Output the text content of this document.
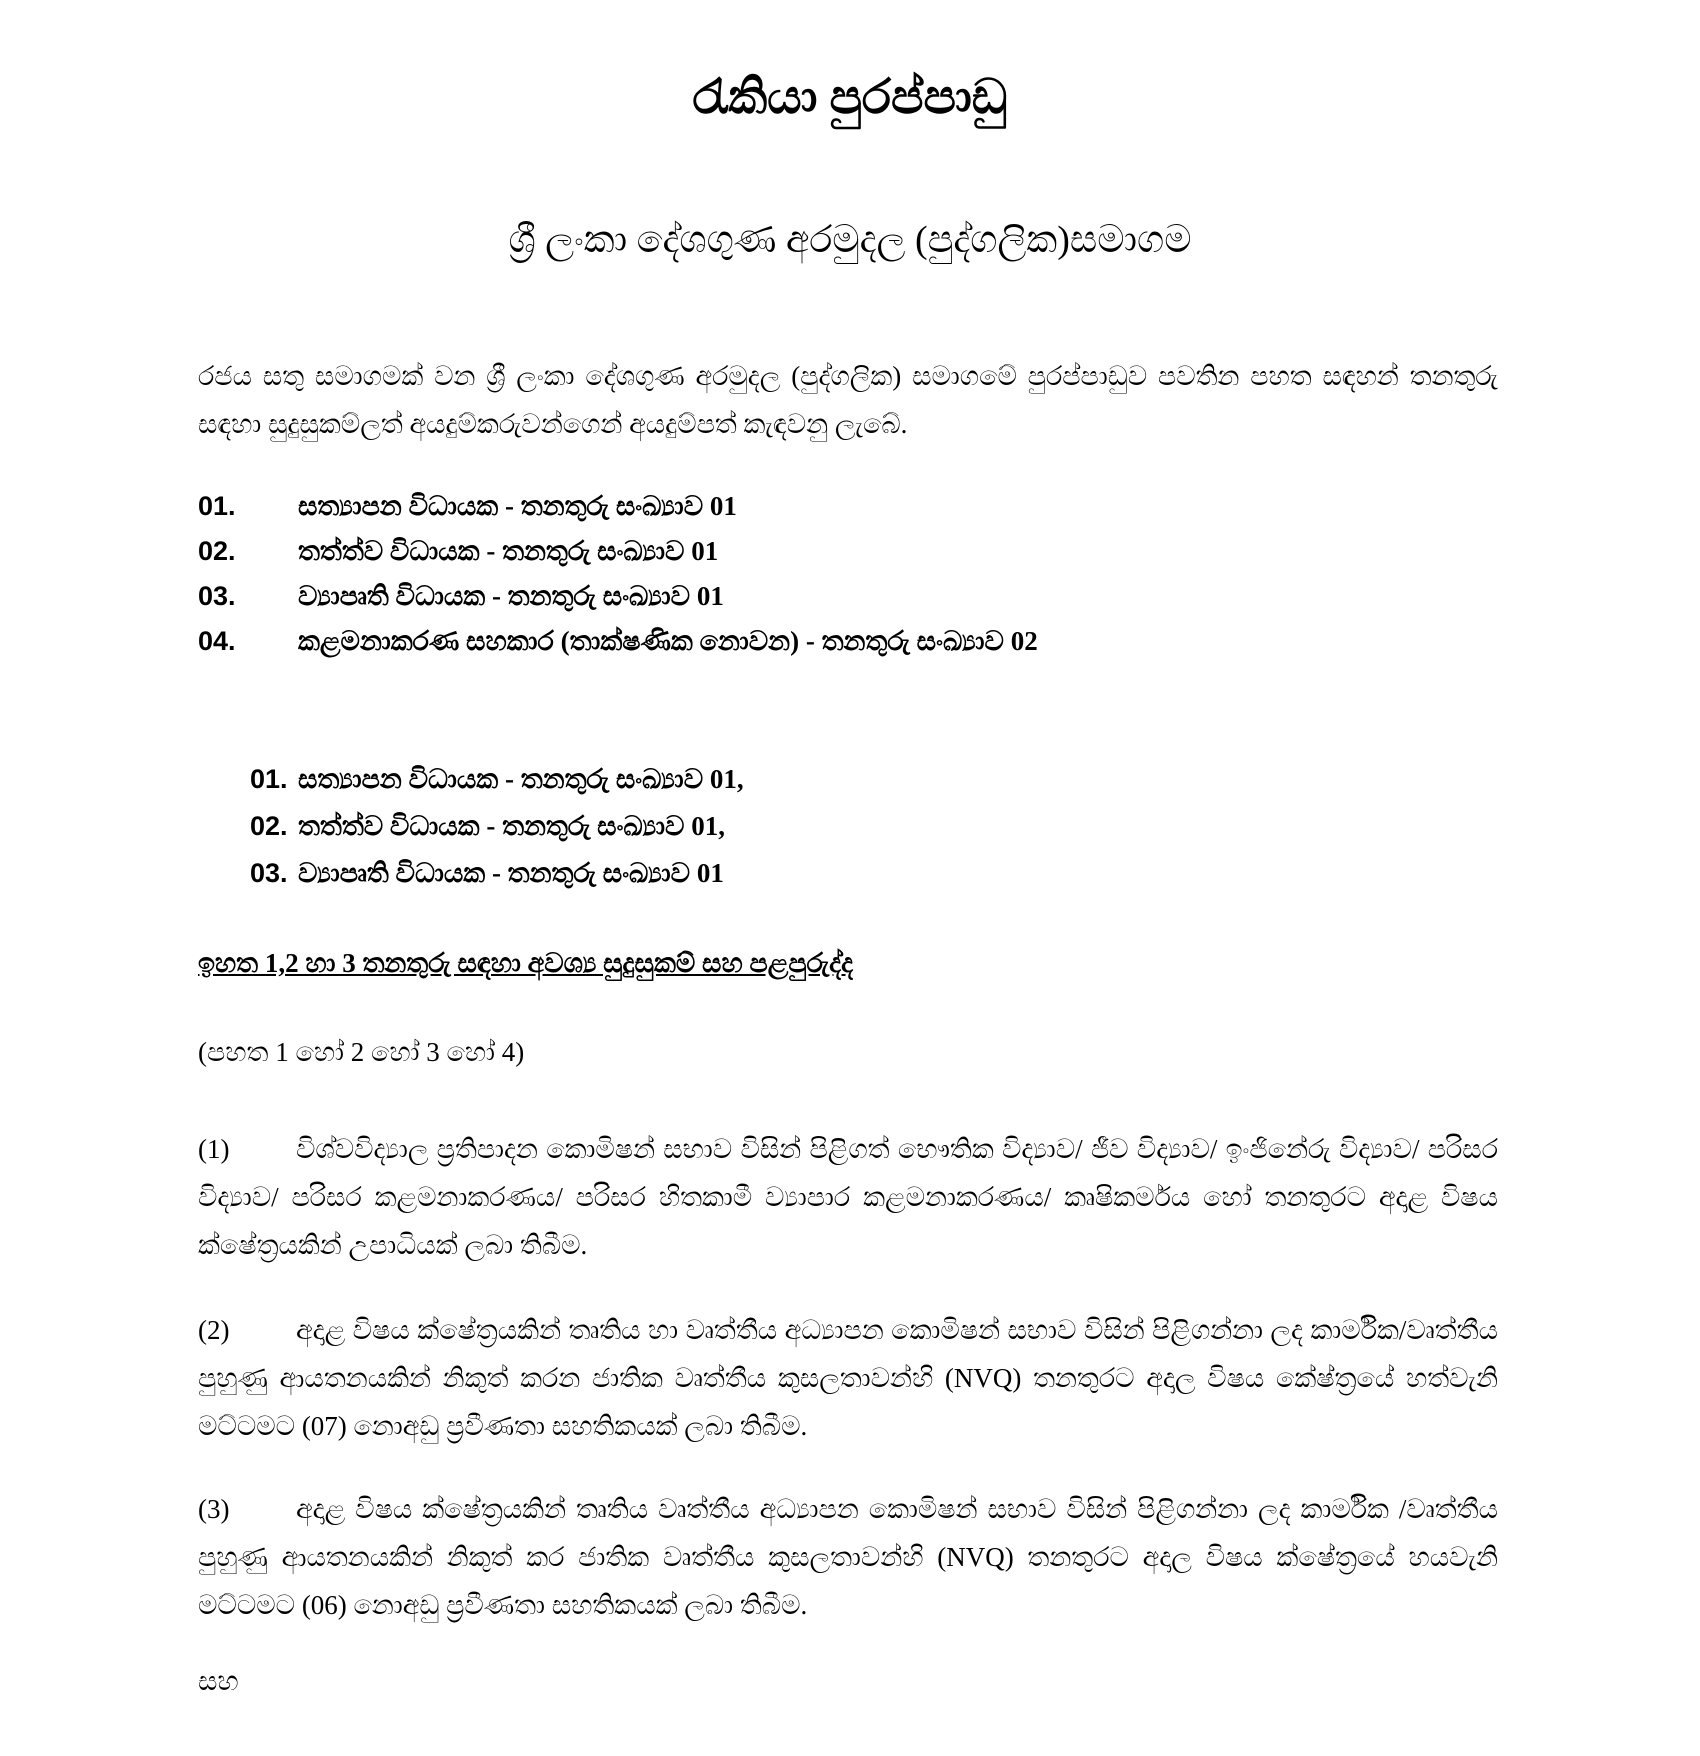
රැකියා පුරප්පාඩු
ශ්‍රී ලංකා දේශගුණ අරමුදල (පුද්ගලික)සමාගම
රජය සතු සමාගමක් වන ශ්‍රී ලංකා දේශගුණ අරමුදල (පුද්ගලික) සමාගමේ පුරප්පාඩුව පවතින පහත සඳහන් තනතුරු සඳහා සුදුසුකම්ලත් අයදුම්කරුවන්ගෙන් අයදුම්පත් කැඳවනු ලැබේ.
01. සත්‍යාපන විධායක - තනතුරු සංඛ්‍යාව 01
02. තත්ත්ව විධායක - තනතුරු සංඛ්‍යාව 01
03. ව්‍යාපෘති විධායක - තනතුරු සංඛ්‍යාව 01
04. කළමනාකරණ සහකාර (තාක්ෂණික නොවන) - තනතුරු සංඛ්‍යාව 02
01. සත්‍යාපන විධායක - තනතුරු සංඛ්‍යාව 01,
02. තත්ත්ව විධායක - තනතුරු සංඛ්‍යාව 01,
03. ව්‍යාපෘති විධායක - තනතුරු සංඛ්‍යාව 01
ඉහත 1,2 හා 3 තනතුරු සඳහා අවශ්‍ය සුදුසුකම් සහ පළපුරුද්ද
(පහත 1 හෝ 2 හෝ 3 හෝ 4)
(1) විශ්වවිද්‍යාල ප්‍රතිපාදන කොමිෂන් සභාව විසින් පිළිගත් භෞතික විද්‍යාව/ ජීව විද්‍යාව/ ඉංජිනේරු විද්‍යාව/ පරිසර විද්‍යාව/ පරිසර කළමනාකරණය/ පරිසර හිතකාමී ව්‍යාපාර කළමනාකරණය/ කෘෂිකර්මය හෝ තනතුරට අදාළ විෂය ක්ෂේත්‍රයකින් උපාධියක් ලබා තිබීම.
(2) අදාළ විෂය ක්ෂේත්‍රයකින් තෘතිය හා වෘත්තීය අධ්‍යාපන කොමිෂන් සභාව විසින් පිළිගන්නා ලද කාර්මික/වෘත්තීය පුහුණු ආයතනයකින් නිකුත් කරන ජාතික වෘත්තීය කුසලතාවන්හි (NVQ) තනතුරට අදාල විෂය කේෂ්ත්‍රයේ හත්වැනි මට්ටමට (07) නොඅඩු ප්‍රවීණතා සහතිකයක් ලබා තිබීම.
(3) අදාළ විෂය ක්ෂේත්‍රයකින් තෘතිය වෘත්තීය අධ්‍යාපන කොමිෂන් සභාව විසින් පිළිගන්නා ලද කාර්මික /වෘත්තීය පුහුණු ආයතනයකින් නිකුත් කර ජාතික වෘත්තීය කුසලතාවන්හි (NVQ) තනතුරට අදාල විෂය ක්ෂේත්‍රයේ හයවැනි මට්ටමට (06) නොඅඩු ප්‍රවීණතා සහතිකයක් ලබා තිබීම.
සහ
